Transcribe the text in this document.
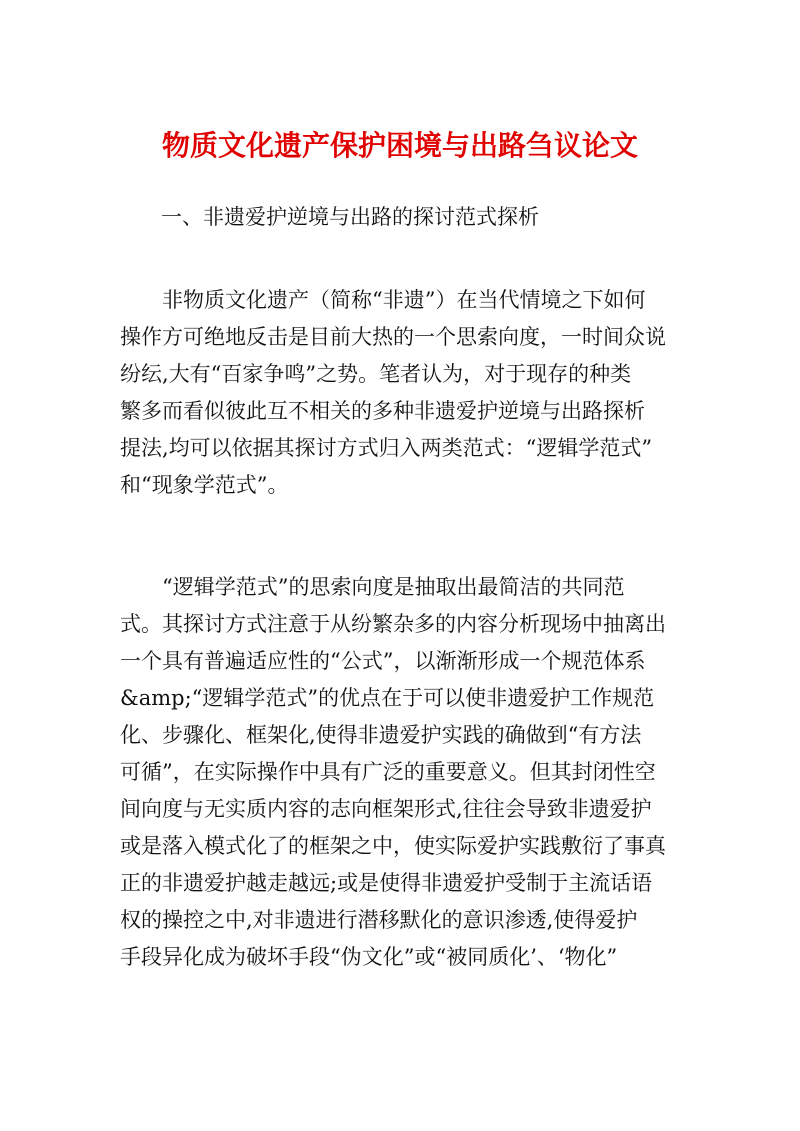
物质文化遗产保护困境与出路刍议论文
一、非遗爱护逆境与出路的探讨范式探析
　　非物质文化遗产（简称“非遗”）在当代情境之下如何
操作方可绝地反击是目前大热的一个思索向度，一时间众说
纷纭,大有“百家争鸣”之势。笔者认为，对于现存的种类
繁多而看似彼此互不相关的多种非遗爱护逆境与出路探析
提法,均可以依据其探讨方式归入两类范式：“逻辑学范式”
和“现象学范式”。
　　“逻辑学范式”的思索向度是抽取出最简洁的共同范
式。其探讨方式注意于从纷繁杂多的内容分析现场中抽离出
一个具有普遍适应性的“公式”，以渐渐形成一个规范体系
&amp;“逻辑学范式”的优点在于可以使非遗爱护工作规范
化、步骤化、框架化,使得非遗爱护实践的确做到“有方法
可循”，在实际操作中具有广泛的重要意义。但其封闭性空
间向度与无实质内容的志向框架形式,往往会导致非遗爱护
或是落入模式化了的框架之中，使实际爱护实践敷衍了事真
正的非遗爱护越走越远;或是使得非遗爱护受制于主流话语
权的操控之中,对非遗进行潜移默化的意识渗透,使得爱护
手段异化成为破坏手段“伪文化”或“被同质化’、‘物化”
